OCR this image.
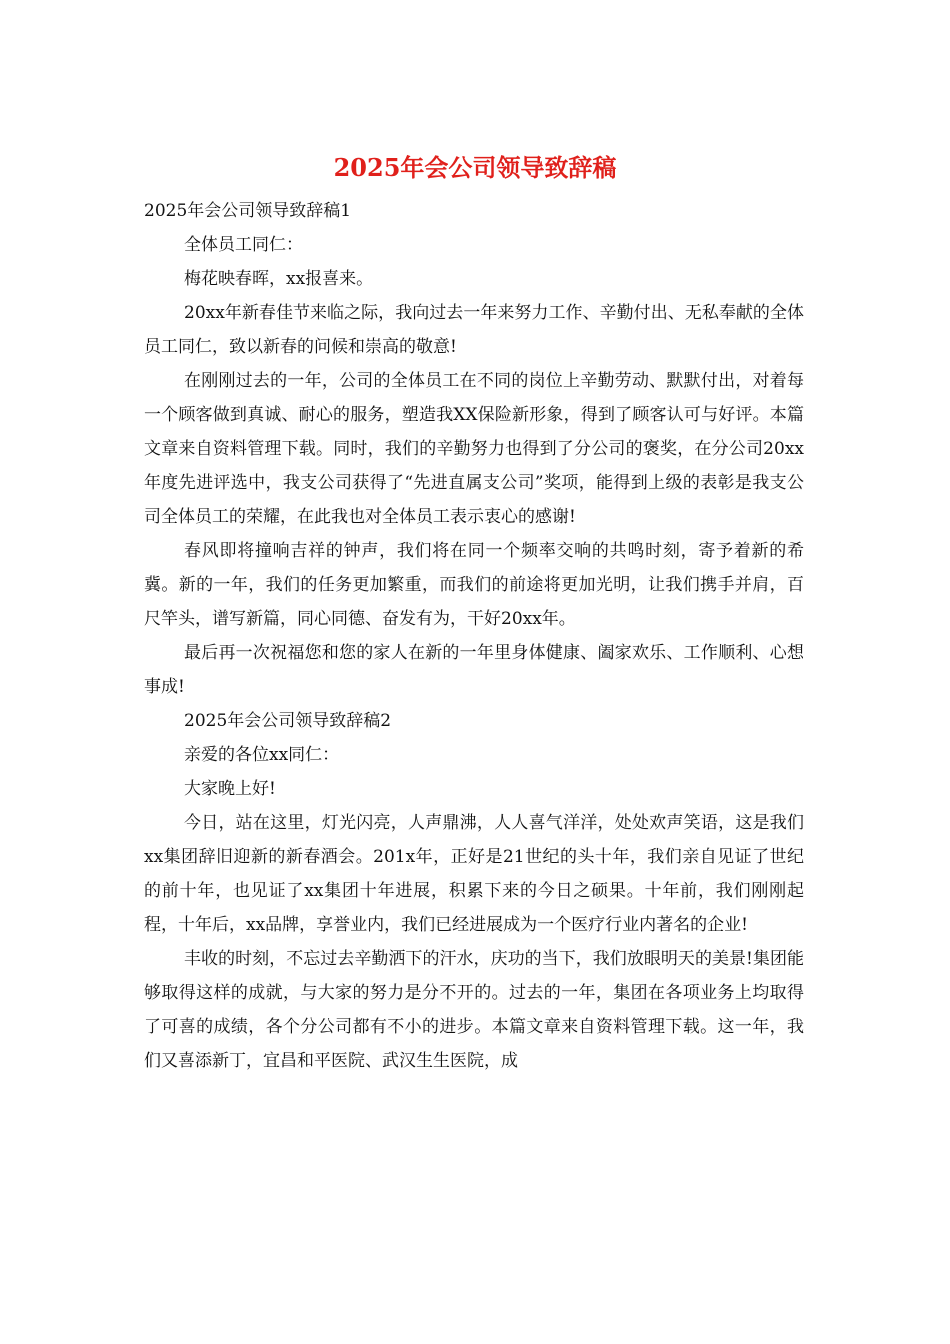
2025年会公司领导致辞稿

2025年会公司领导致辞稿1

全体员工同仁：

梅花映春晖，xx报喜来。

20xx年新春佳节来临之际，我向过去一年来努力工作、辛勤付出、无私奉献的全体员工同仁，致以新春的问候和崇高的敬意!

在刚刚过去的一年，公司的全体员工在不同的岗位上辛勤劳动、默默付出，对着每一个顾客做到真诚、耐心的服务，塑造我XX保险新形象，得到了顾客认可与好评。本篇文章来自资料管理下载。同时，我们的辛勤努力也得到了分公司的褒奖，在分公司20xx年度先进评选中，我支公司获得了“先进直属支公司”奖项，能得到上级的表彰是我支公司全体员工的荣耀，在此我也对全体员工表示衷心的感谢!

春风即将撞响吉祥的钟声，我们将在同一个频率交响的共鸣时刻，寄予着新的希冀。新的一年，我们的任务更加繁重，而我们的前途将更加光明，让我们携手并肩，百尺竿头，谱写新篇，同心同德、奋发有为，干好20xx年。

最后再一次祝福您和您的家人在新的一年里身体健康、阖家欢乐、工作顺利、心想事成!

2025年会公司领导致辞稿2

亲爱的各位xx同仁：

大家晚上好!

今日，站在这里，灯光闪亮，人声鼎沸，人人喜气洋洋，处处欢声笑语，这是我们xx集团辞旧迎新的新春酒会。201x年，正好是21世纪的头十年，我们亲自见证了世纪的前十年，也见证了xx集团十年进展，积累下来的今日之硕果。十年前，我们刚刚起程，十年后，xx品牌，享誉业内，我们已经进展成为一个医疗行业内著名的企业!

丰收的时刻，不忘过去辛勤洒下的汗水，庆功的当下，我们放眼明天的美景!集团能够取得这样的成就，与大家的努力是分不开的。过去的一年，集团在各项业务上均取得了可喜的成绩，各个分公司都有不小的进步。本篇文章来自资料管理下载。这一年，我们又喜添新丁，宜昌和平医院、武汉生生医院，成
